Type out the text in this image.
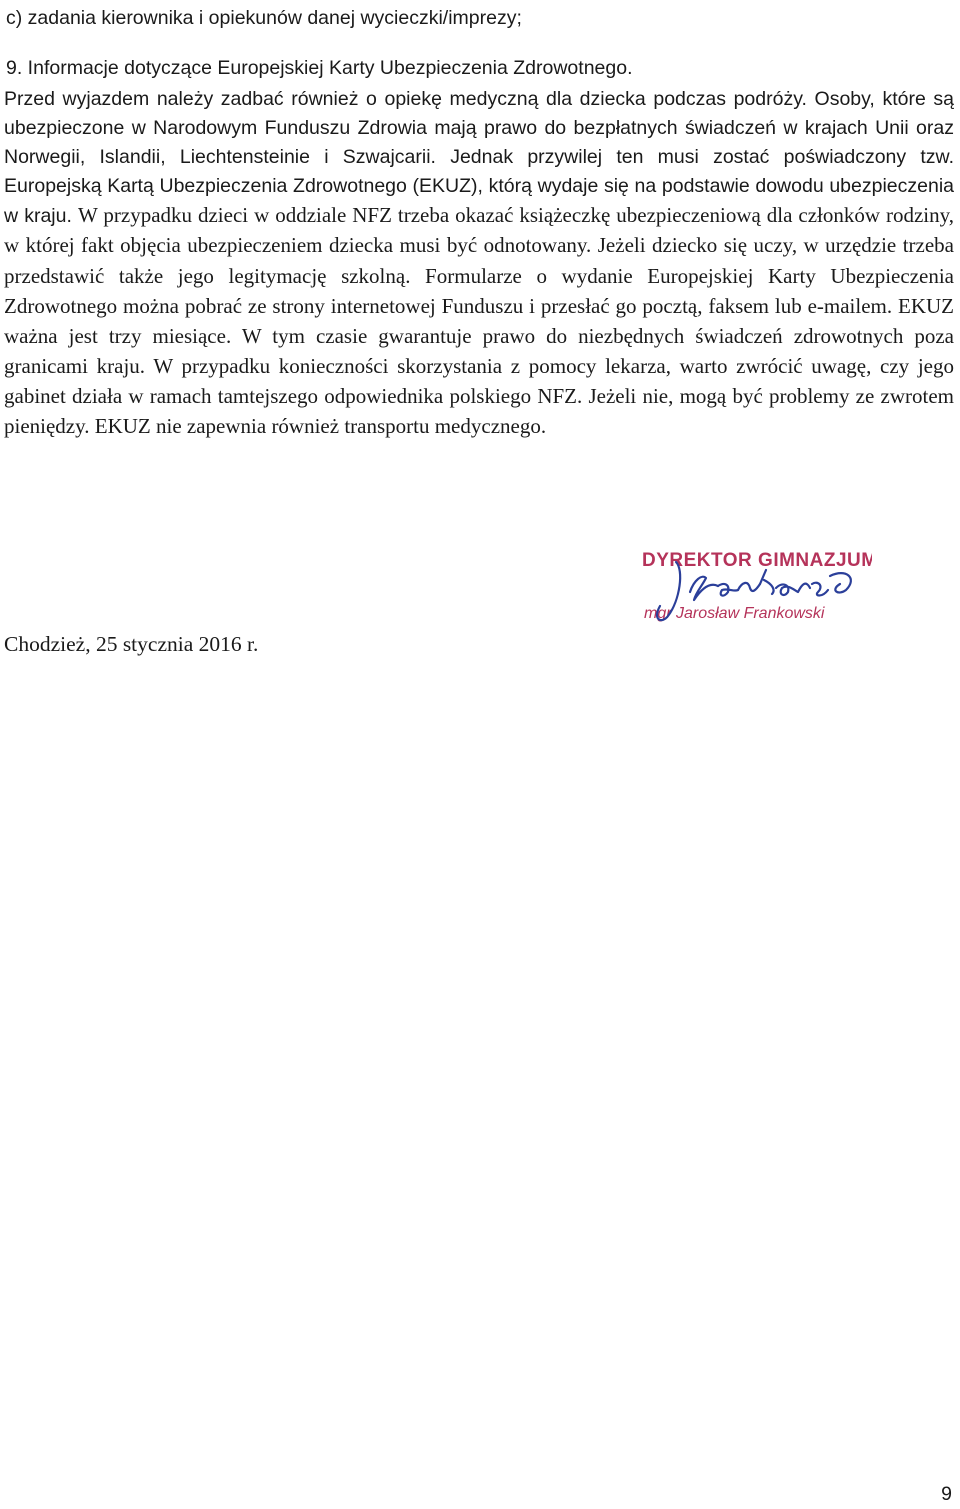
c) zadania kierownika i opiekunów danej wycieczki/imprezy;

9. Informacje dotyczące Europejskiej Karty Ubezpieczenia Zdrowotnego.

Przed wyjazdem należy zadbać również o opiekę medyczną dla dziecka podczas podróży. Osoby, które są ubezpieczone w Narodowym Funduszu Zdrowia mają prawo do bezpłatnych świadczeń w krajach Unii oraz Norwegii, Islandii, Liechtensteinie i Szwajcarii. Jednak przywilej ten musi zostać poświadczony tzw. Europejską Kartą Ubezpieczenia Zdrowotnego (EKUZ), którą wydaje się na podstawie dowodu ubezpieczenia w kraju. W przypadku dzieci w oddziale NFZ trzeba okazać książeczkę ubezpieczeniową dla członków rodziny, w której fakt objęcia ubezpieczeniem dziecka musi być odnotowany. Jeżeli dziecko się uczy, w urzędzie trzeba przedstawić także jego legitymację szkolną. Formularze o wydanie Europejskiej Karty Ubezpieczenia Zdrowotnego można pobrać ze strony internetowej Funduszu i przesłać go pocztą, faksem lub e-mailem. EKUZ ważna jest trzy miesiące. W tym czasie gwarantuje prawo do niezbędnych świadczeń zdrowotnych poza granicami kraju. W przypadku konieczności skorzystania z pomocy lekarza, warto zwrócić uwagę, czy jego gabinet działa w ramach tamtejszego odpowiednika polskiego NFZ. Jeżeli nie, mogą być problemy ze zwrotem pieniędzy. EKUZ nie zapewnia również transportu medycznego.

DYREKTOR GIMNAZJUM
mgr Jarosław Frankowski

Chodzież, 25 stycznia 2016 r.

9
